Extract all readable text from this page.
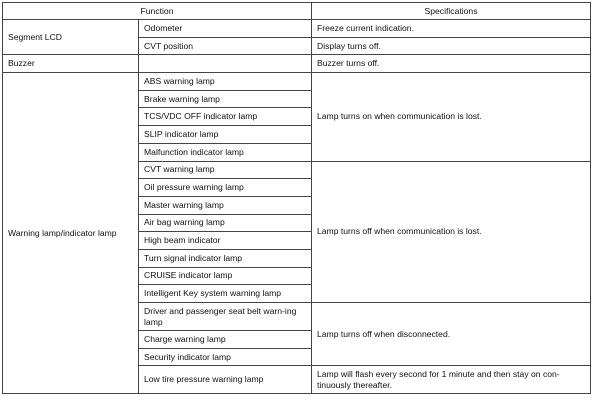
Function		Specifications
Segment LCD	Odometer	Freeze current indication.
	CVT position	Display turns off.
Buzzer		Buzzer turns off.
Warning lamp/indicator lamp	ABS warning lamp	Lamp turns on when communication is lost.
	Brake warning lamp	
	TCS/VDC OFF indicator lamp	
	SLIP indicator lamp	
	Malfunction indicator lamp	
	CVT warning lamp	Lamp turns off when communication is lost.
	Oil pressure warning lamp	
	Master warning lamp	
	Air bag warning lamp	
	High beam indicator	
	Turn signal indicator lamp	
	CRUISE indicator lamp	
	Intelligent Key system warning lamp	
	Driver and passenger seat belt warn-ing lamp	Lamp turns off when disconnected.
	Charge warning lamp	
	Security indicator lamp	
	Low tire pressure warning lamp	Lamp will flash every second for 1 minute and then stay on con-tinuously thereafter.
